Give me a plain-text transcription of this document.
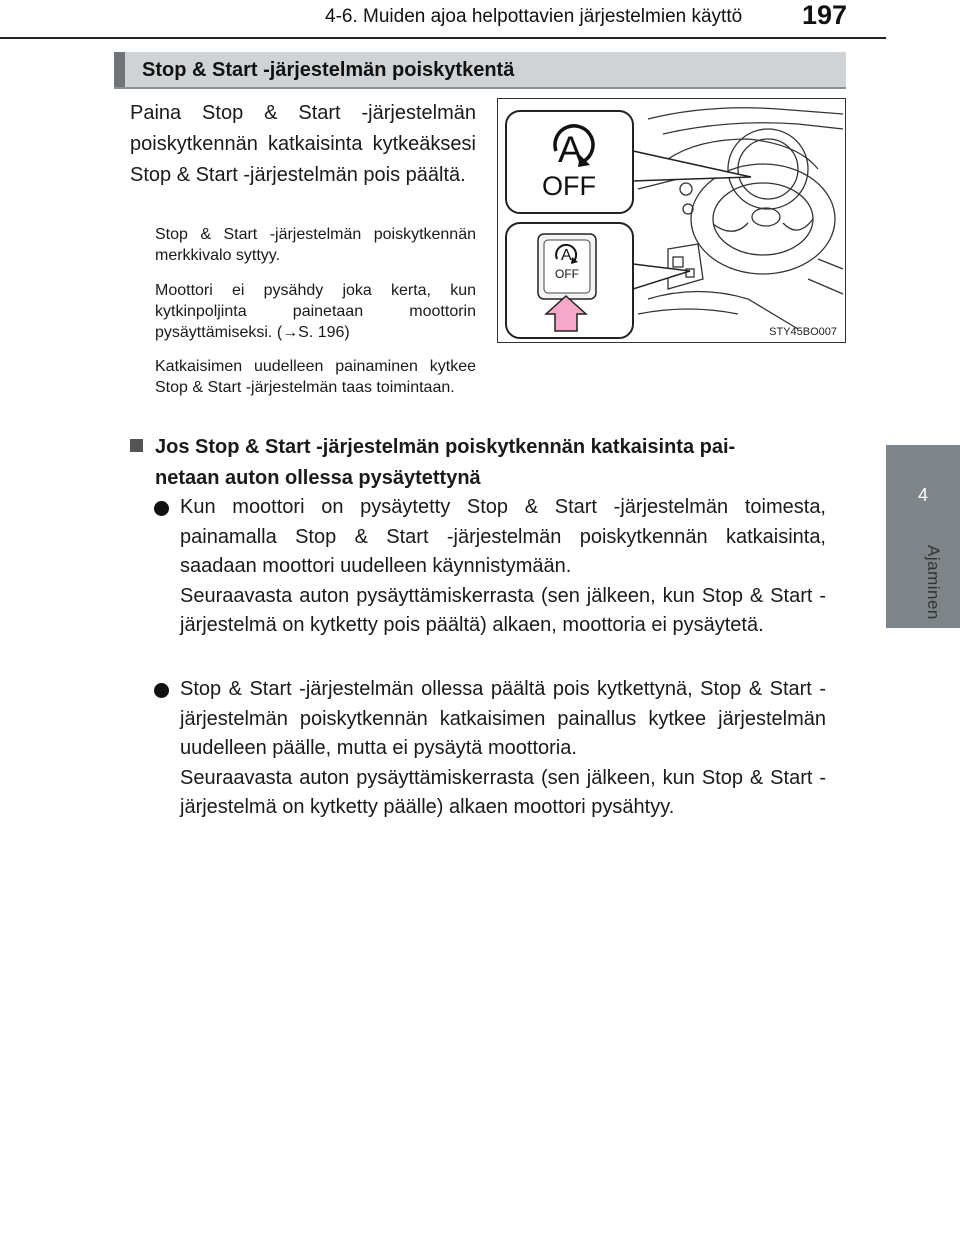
4-6. Muiden ajoa helpottavien järjestelmien käyttö 197
4
Ajaminen
Stop & Start -järjestelmän poiskytkentä

Paina Stop & Start -järjestelmän poiskytkennän katkaisinta kytkeäksesi Stop & Start -järjestelmän pois päältä.

Stop & Start -järjestelmän poiskytkennän merkkivalo syttyy.

Moottori ei pysähdy joka kerta, kun kytkinpoljinta painetaan moottorin pysäyttämiseksi. (→S. 196)

Katkaisimen uudelleen painaminen kytkee Stop & Start -järjestelmän taas toimintaan.

A
OFF
A
OFF
STY45BO007

Jos Stop & Start -järjestelmän poiskytkennän katkaisinta pai-
netaan auton ollessa pysäytettynä

Kun moottori on pysäytetty Stop & Start -järjestelmän toimesta, painamalla Stop & Start -järjestelmän poiskytkennän katkaisinta, saadaan moottori uudelleen käynnistymään.

Seuraavasta auton pysäyttämiskerrasta (sen jälkeen, kun Stop & Start -järjestelmä on kytketty pois päältä) alkaen, moottoria ei pysäytetä.

Stop & Start -järjestelmän ollessa päältä pois kytkettynä, Stop & Start -järjestelmän poiskytkennän katkaisimen painallus kytkee järjestelmän uudelleen päälle, mutta ei pysäytä moottoria.

Seuraavasta auton pysäyttämiskerrasta (sen jälkeen, kun Stop & Start -järjestelmä on kytketty päälle) alkaen moottori pysähtyy.
